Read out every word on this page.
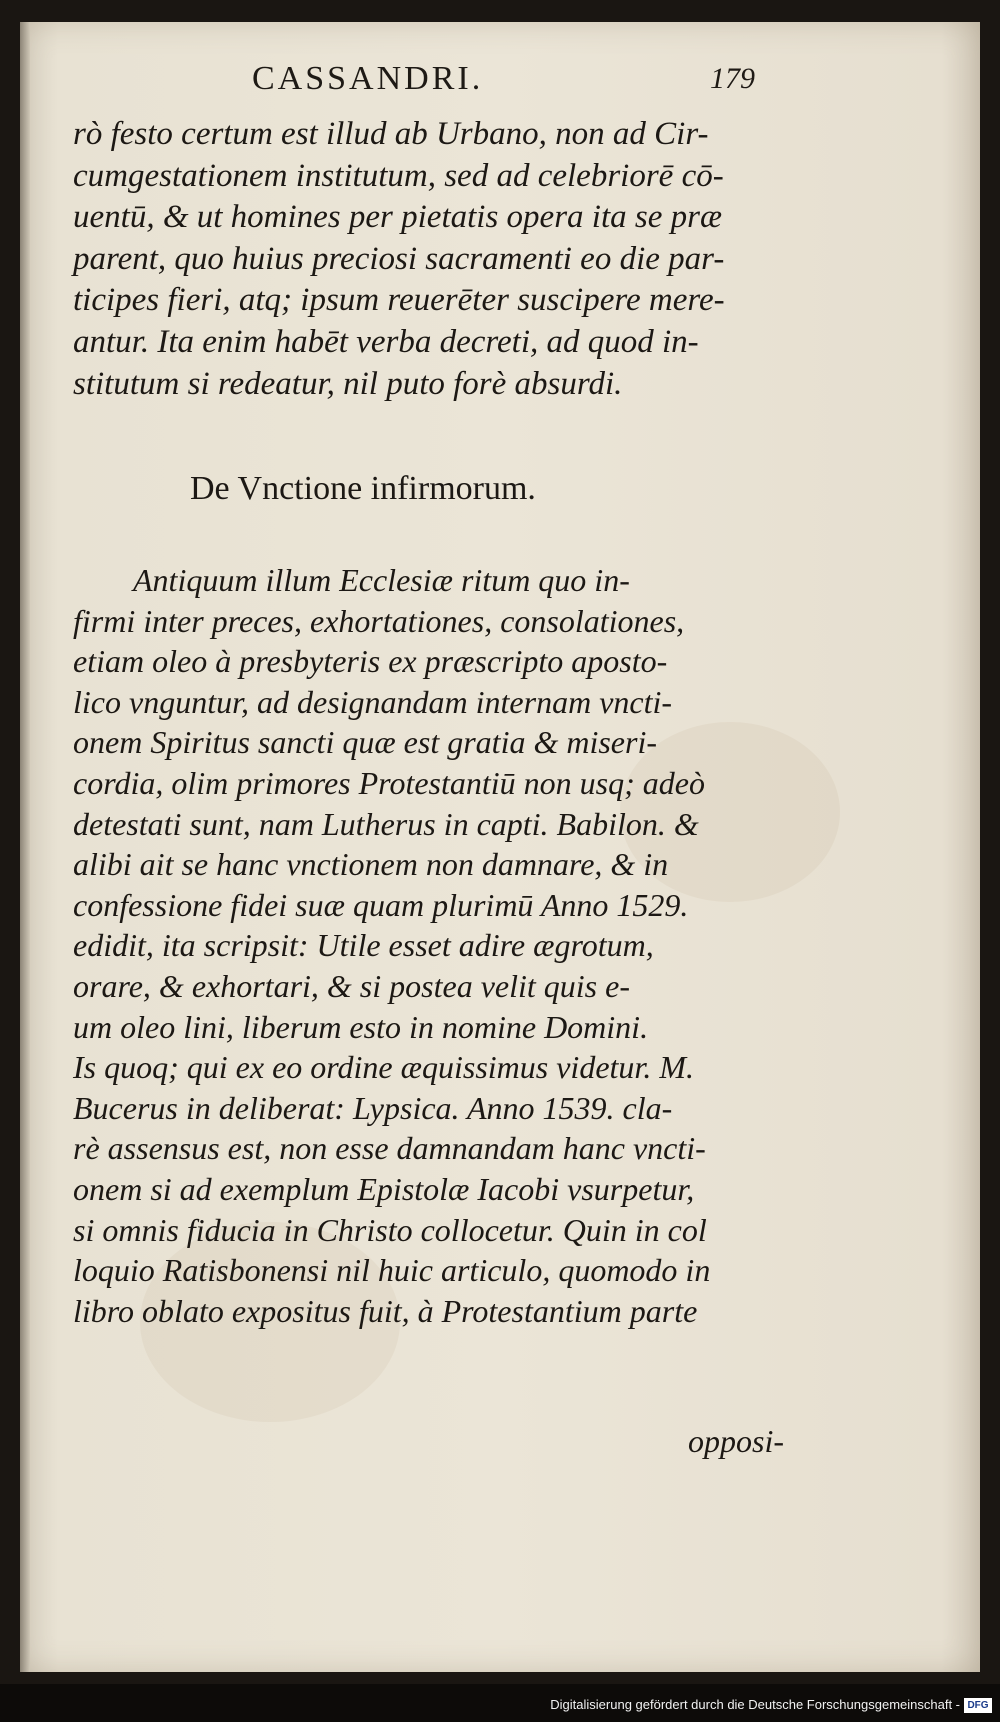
CASSANDRI.	179
rò festo certum est illud ab Urbano, non ad Cir-
cumgestationem institutum, sed ad celebriorē cō-
uentū, & ut homines per pietatis opera ita se præ
parent, quo huius preciosi sacramenti eo die par-
ticipes fieri, atq; ipsum reuerēter suscipere mere-
antur. Ita enim habēt verba decreti, ad quod in-
stitutum si redeatur, nil puto forè absurdi.
De Vnctione infirmorum.
Antiquum illum Ecclesiæ ritum quo in-
firmi inter preces, exhortationes, consolationes,
etiam oleo à presbyteris ex præscripto aposto-
lico vnguntur, ad designandam internam vncti-
onem Spiritus sancti quæ est gratia & miseri-
cordia, olim primores Protestantiū non usq; adeò
detestati sunt, nam Lutherus in capti. Babilon. &
alibi ait se hanc vnctionem non damnare, & in
confessione fidei suæ quam plurimū Anno 1529.
edidit, ita scripsit: Utile esset adire ægrotum,
orare, & exhortari, & si postea velit quis e-
um oleo lini, liberum esto in nomine Domini.
Is quoq; qui ex eo ordine æquissimus videtur. M.
Bucerus in deliberat: Lypsica. Anno 1539. cla-
rè assensus est, non esse damnandam hanc vncti-
onem si ad exemplum Epistolæ Iacobi vsurpetur,
si omnis fiducia in Christo collocetur. Quin in col
loquio Ratisbonensi nil huic articulo, quomodo in
libro oblato expositus fuit, à Protestantium parte
opposi-
Digitalisierung gefördert durch die Deutsche Forschungsgemeinschaft - DFG
